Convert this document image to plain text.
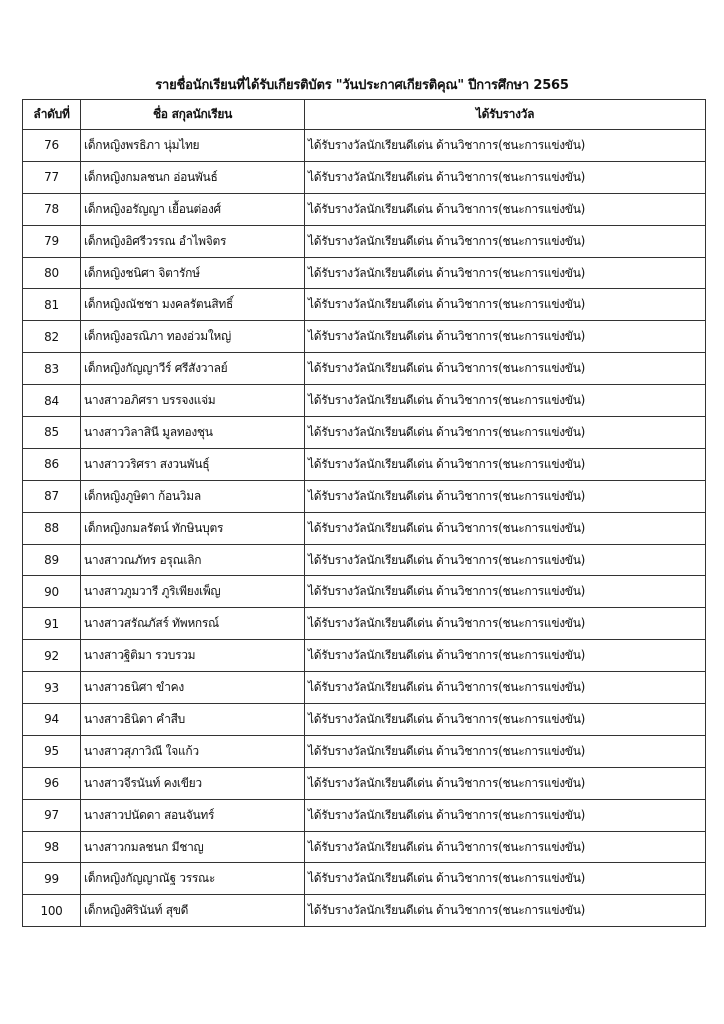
รายชื่อนักเรียนที่ได้รับเกียรติบัตร "วันประกาศเกียรติคุณ" ปีการศึกษา 2565
ลำดับที่	ชื่อ สกุลนักเรียน	ได้รับรางวัล
76	เด็กหญิงพรธิภา นุ่มไทย	ได้รับรางวัลนักเรียนดีเด่น ด้านวิชาการ(ชนะการแข่งขัน)
77	เด็กหญิงกมลชนก อ่อนพันธ์	ได้รับรางวัลนักเรียนดีเด่น ด้านวิชาการ(ชนะการแข่งขัน)
78	เด็กหญิงอรัญญา เยื้อนต่องศ์	ได้รับรางวัลนักเรียนดีเด่น ด้านวิชาการ(ชนะการแข่งขัน)
79	เด็กหญิงอิศรีวรรณ อำไพจิตร	ได้รับรางวัลนักเรียนดีเด่น ด้านวิชาการ(ชนะการแข่งขัน)
80	เด็กหญิงชนิศา จิตารักษ์	ได้รับรางวัลนักเรียนดีเด่น ด้านวิชาการ(ชนะการแข่งขัน)
81	เด็กหญิงณัชชา มงคลรัตนสิทธิ์	ได้รับรางวัลนักเรียนดีเด่น ด้านวิชาการ(ชนะการแข่งขัน)
82	เด็กหญิงอรณิภา ทองอ่วมใหญ่	ได้รับรางวัลนักเรียนดีเด่น ด้านวิชาการ(ชนะการแข่งขัน)
83	เด็กหญิงกัญญาวีร์ ศรีสังวาลย์	ได้รับรางวัลนักเรียนดีเด่น ด้านวิชาการ(ชนะการแข่งขัน)
84	นางสาวอภิศรา บรรจงแจ่ม	ได้รับรางวัลนักเรียนดีเด่น ด้านวิชาการ(ชนะการแข่งขัน)
85	นางสาววิลาสินี มูลทองชุน	ได้รับรางวัลนักเรียนดีเด่น ด้านวิชาการ(ชนะการแข่งขัน)
86	นางสาววริศรา สงวนพันธุ์	ได้รับรางวัลนักเรียนดีเด่น ด้านวิชาการ(ชนะการแข่งขัน)
87	เด็กหญิงภูษิตา ก้อนวิมล	ได้รับรางวัลนักเรียนดีเด่น ด้านวิชาการ(ชนะการแข่งขัน)
88	เด็กหญิงกมลรัตน์ ทักษินบุตร	ได้รับรางวัลนักเรียนดีเด่น ด้านวิชาการ(ชนะการแข่งขัน)
89	นางสาวณภัทร อรุณเลิก	ได้รับรางวัลนักเรียนดีเด่น ด้านวิชาการ(ชนะการแข่งขัน)
90	นางสาวภูมวารี ภูริเพียงเพ็ญ	ได้รับรางวัลนักเรียนดีเด่น ด้านวิชาการ(ชนะการแข่งขัน)
91	นางสาวสรัณภัสร์ ทัพหกรณ์	ได้รับรางวัลนักเรียนดีเด่น ด้านวิชาการ(ชนะการแข่งขัน)
92	นางสาวฐิติมา รวบรวม	ได้รับรางวัลนักเรียนดีเด่น ด้านวิชาการ(ชนะการแข่งขัน)
93	นางสาวธนิศา ขำคง	ได้รับรางวัลนักเรียนดีเด่น ด้านวิชาการ(ชนะการแข่งขัน)
94	นางสาวธินิดา คำสืบ	ได้รับรางวัลนักเรียนดีเด่น ด้านวิชาการ(ชนะการแข่งขัน)
95	นางสาวสุภาวิณี ใจแก้ว	ได้รับรางวัลนักเรียนดีเด่น ด้านวิชาการ(ชนะการแข่งขัน)
96	นางสาวจีรนันท์ คงเขียว	ได้รับรางวัลนักเรียนดีเด่น ด้านวิชาการ(ชนะการแข่งขัน)
97	นางสาวปนัดดา สอนจันทร์	ได้รับรางวัลนักเรียนดีเด่น ด้านวิชาการ(ชนะการแข่งขัน)
98	นางสาวกมลชนก มีชาญ	ได้รับรางวัลนักเรียนดีเด่น ด้านวิชาการ(ชนะการแข่งขัน)
99	เด็กหญิงกัญญาณัฐ วรรณะ	ได้รับรางวัลนักเรียนดีเด่น ด้านวิชาการ(ชนะการแข่งขัน)
100	เด็กหญิงศิรินันท์ สุขดี	ได้รับรางวัลนักเรียนดีเด่น ด้านวิชาการ(ชนะการแข่งขัน)
